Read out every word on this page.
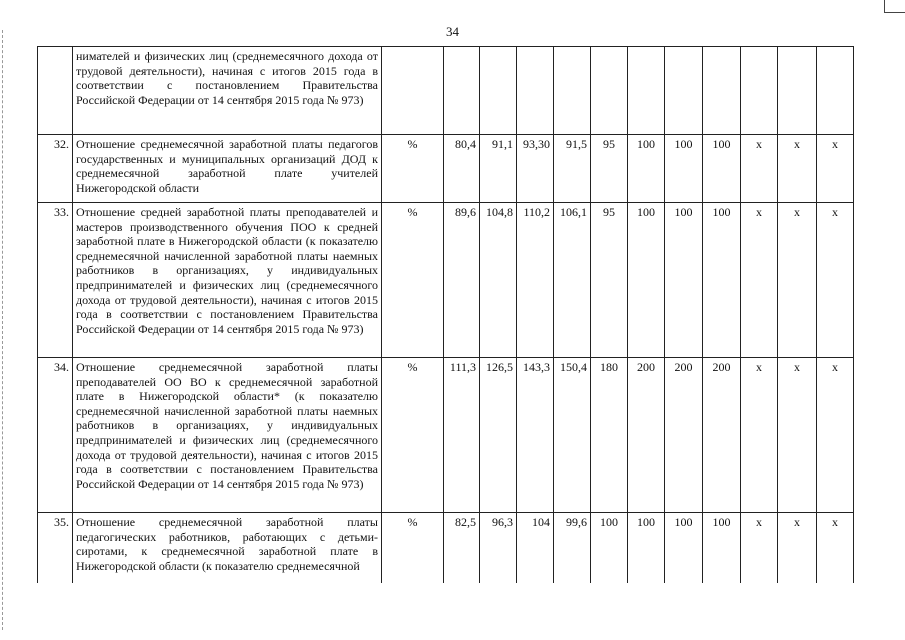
34
	нимателей и физических лиц (среднемесячного дохода от трудовой деятельности), начиная с итогов 2015 года в соответствии с постановлением Правительства Российской Федерации от 14 сентября 2015 года № 973)												
32.	Отношение среднемесячной заработной платы педагогов государственных и муниципальных организаций ДОД к среднемесячной заработной плате учителей Нижегородской области	%	80,4	91,1	93,30	91,5	95	100	100	100	x	x	x
33.	Отношение средней заработной платы преподавателей и мастеров производственного обучения ПОО к средней заработной плате в Нижегородской области (к показателю среднемесячной начисленной заработной платы наемных работников в организациях, у индивидуальных предпринимателей и физических лиц (среднемесячного дохода от трудовой деятельности), начиная с итогов 2015 года в соответствии с постановлением Правительства Российской Федерации от 14 сентября 2015 года № 973)	%	89,6	104,8	110,2	106,1	95	100	100	100	x	x	x
34.	Отношение среднемесячной заработной платы преподавателей ОО ВО к среднемесячной заработной плате в Нижегородской области* (к показателю среднемесячной начисленной заработной платы наемных работников в организациях, у индивидуальных предпринимателей и физических лиц (среднемесячного дохода от трудовой деятельности), начиная с итогов 2015 года в соответствии с постановлением Правительства Российской Федерации от 14 сентября 2015 года № 973)	%	111,3	126,5	143,3	150,4	180	200	200	200	x	x	x
35.	Отношение среднемесячной заработной платы педагогических работников, работающих с детьми-сиротами, к среднемесячной заработной плате в Нижегородской области (к показателю среднемесячной	%	82,5	96,3	104	99,6	100	100	100	100	x	x	x
